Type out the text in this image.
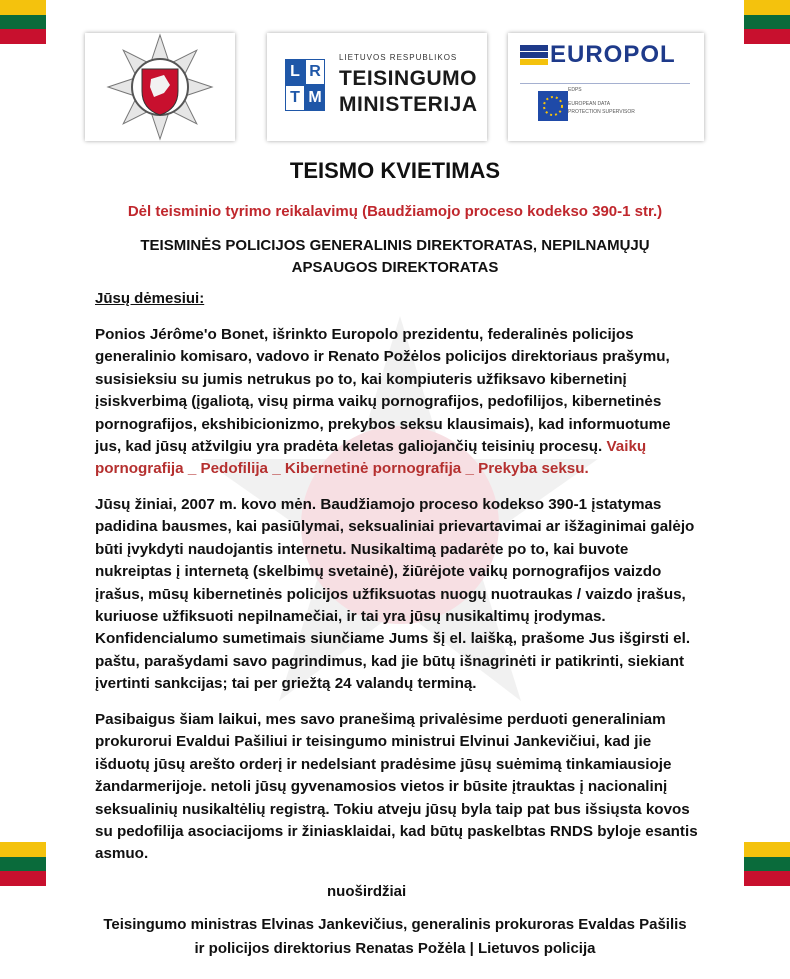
L R
T M
LIETUVOS RESPUBLIKOS
TEISINGUMO
MINISTERIJA
EUROPOL
EDPS
EUROPEAN DATA
PROTECTION SUPERVISOR
TEISMO KVIETIMAS
Dėl teisminio tyrimo reikalavimų (Baudžiamojo proceso kodekso 390-1 str.)
TEISMINĖS POLICIJOS GENERALINIS DIREKTORATAS, NEPILNAMŲJŲ
APSAUGOS DIREKTORATAS
Jūsų dėmesiui:

Ponios Jérôme'o Bonet, išrinkto Europolo prezidentu, federalinės policijos generalinio komisaro, vadovo ir Renato Požėlos policijos direktoriaus prašymu, susisieksiu su jumis netrukus po to, kai kompiuteris užfiksavo kibernetinį įsiskverbimą (įgaliotą, visų pirma vaikų pornografijos, pedofilijos, kibernetinės pornografijos, ekshibicionizmo, prekybos seksu klausimais), kad informuotume jus, kad jūsų atžvilgiu yra pradėta keletas galiojančių teisinių procesų. Vaikų pornografija _ Pedofilija _ Kibernetinė pornografija _ Prekyba seksu.

Jūsų žiniai, 2007 m. kovo mėn. Baudžiamojo proceso kodekso 390-1 įstatymas padidina bausmes, kai pasiūlymai, seksualiniai prievartavimai ar išžaginimai galėjo būti įvykdyti naudojantis internetu. Nusikaltimą padarėte po to, kai buvote nukreiptas į internetą (skelbimų svetainė), žiūrėjote vaikų pornografijos vaizdo įrašus, mūsų kibernetinės policijos užfiksuotas nuogų nuotraukas / vaizdo įrašus, kuriuose užfiksuoti nepilnamečiai, ir tai yra jūsų nusikaltimų įrodymas. Konfidencialumo sumetimais siunčiame Jums šį el. laišką, prašome Jus išgirsti el. paštu, parašydami savo pagrindimus, kad jie būtų išnagrinėti ir patikrinti, siekiant įvertinti sankcijas; tai per griežtą 24 valandų terminą.

Pasibaigus šiam laikui, mes savo pranešimą privalėsime perduoti generaliniam prokurorui Evaldui Pašiliui ir teisingumo ministrui Elvinui Jankevičiui, kad jie išduotų jūsų arešto orderį ir nedelsiant pradėsime jūsų suėmimą tinkamiausioje žandarmerijoje. netoli jūsų gyvenamosios vietos ir būsite įtrauktas į nacionalinį seksualinių nusikaltėlių registrą. Tokiu atveju jūsų byla taip pat bus išsiųsta kovos su pedofilija asociacijoms ir žiniasklaidai, kad būtų paskelbtas RNDS byloje esantis asmuo.

nuoširdžiai
Teisingumo ministras Elvinas Jankevičius, generalinis prokuroras Evaldas Pašilis
ir policijos direktorius Renatas Požėla | Lietuvos policija
